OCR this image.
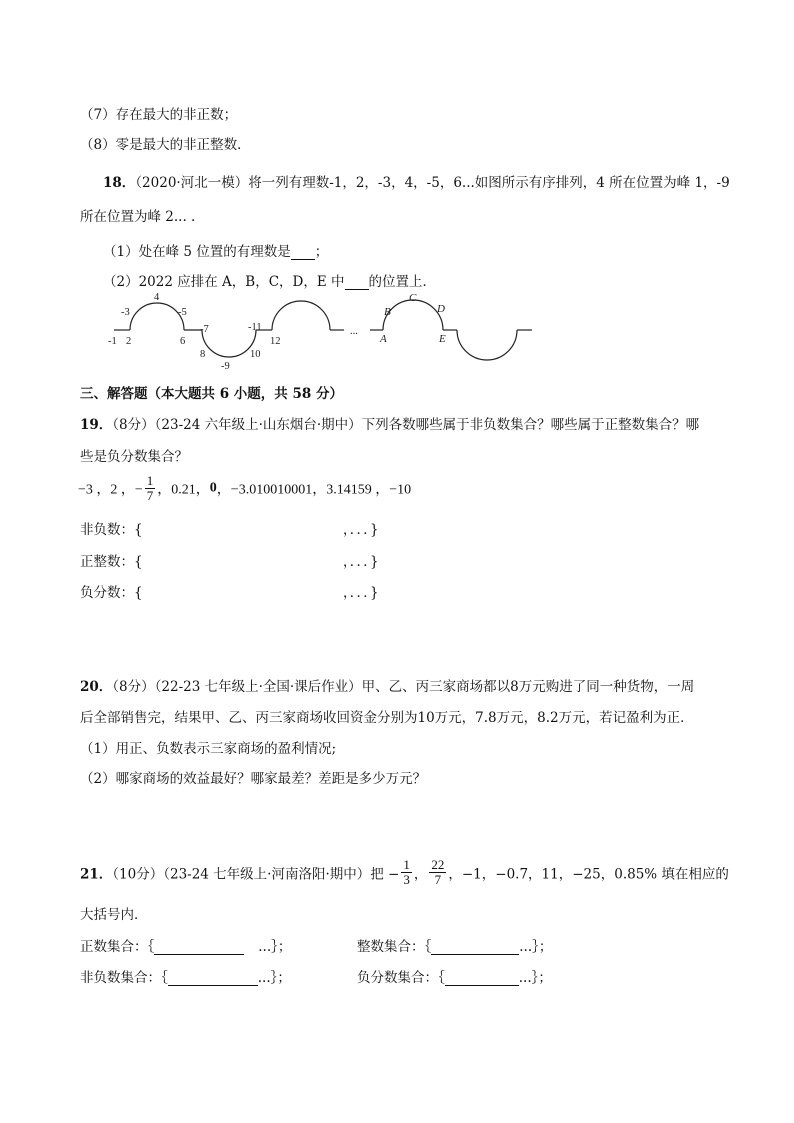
（7）存在最大的非正数；
（8）零是最大的非正整数．
18．（2020·河北一模）将一列有理数-1，2，-3，4，-5，6...如图所示有序排列，4 所在位置为峰 1，-9
所在位置为峰 2... .
（1）处在峰 5 位置的有理数是 ；
（2）2022 应排在 A，B，C，D，E 中 的位置上．
-1 2
-3
4
-5
6
-7
8
-9
10
-11
12
...
A
B
C
D
E
三、解答题（本大题共 6 小题，共 58 分）
19．（8分）（23-24 六年级上·山东烟台·期中）下列各数哪些属于非负数集合？哪些属于正整数集合？哪
些是负分数集合？
−3 ，2 ，− $\frac{1}{7}$ ，0.21，0，−3.010010001，3.14159 ，−10
非负数：{	，．．．}
正整数：{	，．．．}
负分数：{	，．．．}
20．（8分）（22-23 七年级上·全国·课后作业）甲、乙、丙三家商场都以8万元购进了同一种货物，一周
后全部销售完，结果甲、乙、丙三家商场收回资金分别为10万元，7.8万元，8.2万元，若记盈利为正．
（1）用正、负数表示三家商场的盈利情况;
（2）哪家商场的效益最好？哪家最差？差距是多少万元？
21．（10分）（23-24 七年级上·河南洛阳·期中）把 − $\frac{1}{3}$ ， $\frac{22}{7}$ ，−1，−0.7，11，−25，0.85% 填在相应的
大括号内．
正数集合：｛	...｝；	整数集合：｛	...｝；
非负数集合：｛	...｝；	负分数集合：｛	...｝；
